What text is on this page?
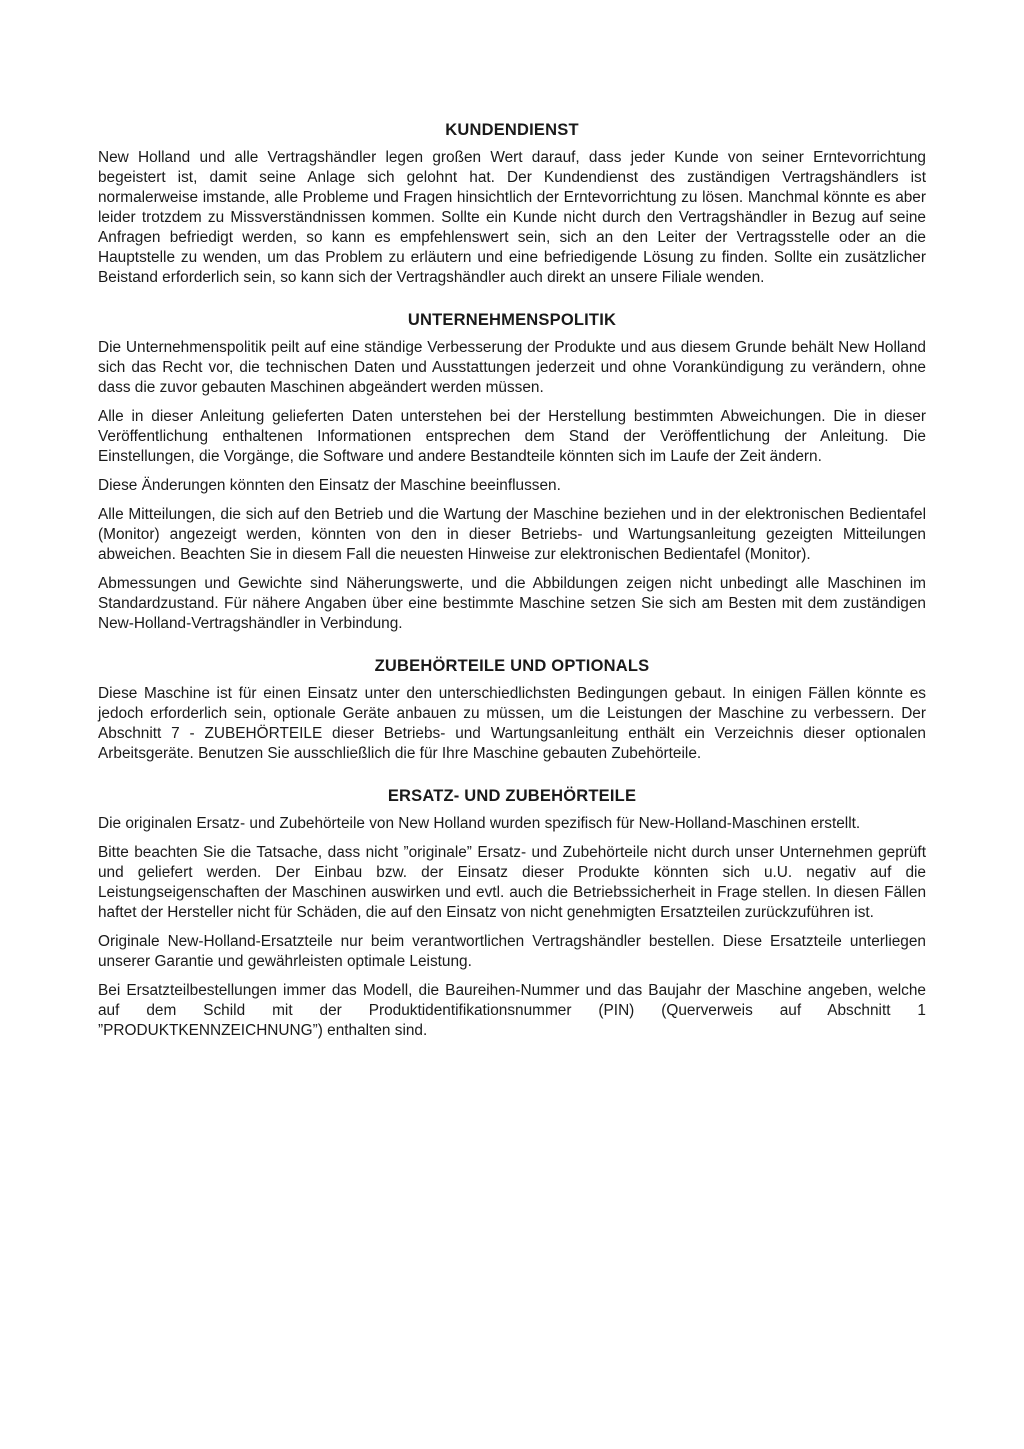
KUNDENDIENST

New Holland und alle Vertragshändler legen großen Wert darauf, dass jeder Kunde von seiner Erntevorrichtung begeistert ist, damit seine Anlage sich gelohnt hat. Der Kundendienst des zuständigen Vertragshändlers ist normalerweise imstande, alle Probleme und Fragen hinsichtlich der Erntevorrichtung zu lösen. Manchmal könnte es aber leider trotzdem zu Missverständnissen kommen. Sollte ein Kunde nicht durch den Vertragshändler in Bezug auf seine Anfragen befriedigt werden, so kann es empfehlenswert sein, sich an den Leiter der Vertragsstelle oder an die Hauptstelle zu wenden, um das Problem zu erläutern und eine befriedigende Lösung zu finden. Sollte ein zusätzlicher Beistand erforderlich sein, so kann sich der Vertragshändler auch direkt an unsere Filiale wenden.

UNTERNEHMENSPOLITIK

Die Unternehmenspolitik peilt auf eine ständige Verbesserung der Produkte und aus diesem Grunde behält New Holland sich das Recht vor, die technischen Daten und Ausstattungen jederzeit und ohne Vorankündigung zu verändern, ohne dass die zuvor gebauten Maschinen abgeändert werden müssen.

Alle in dieser Anleitung gelieferten Daten unterstehen bei der Herstellung bestimmten Abweichungen. Die in dieser Veröffentlichung enthaltenen Informationen entsprechen dem Stand der Veröffentlichung der Anleitung. Die Einstellungen, die Vorgänge, die Software und andere Bestandteile könnten sich im Laufe der Zeit ändern.

Diese Änderungen könnten den Einsatz der Maschine beeinflussen.

Alle Mitteilungen, die sich auf den Betrieb und die Wartung der Maschine beziehen und in der elektronischen Bedientafel (Monitor) angezeigt werden, könnten von den in dieser Betriebs- und Wartungsanleitung gezeigten Mitteilungen abweichen. Beachten Sie in diesem Fall die neuesten Hinweise zur elektronischen Bedientafel (Monitor).

Abmessungen und Gewichte sind Näherungswerte, und die Abbildungen zeigen nicht unbedingt alle Maschinen im Standardzustand. Für nähere Angaben über eine bestimmte Maschine setzen Sie sich am Besten mit dem zuständigen New-Holland-Vertragshändler in Verbindung.

ZUBEHÖRTEILE UND OPTIONALS

Diese Maschine ist für einen Einsatz unter den unterschiedlichsten Bedingungen gebaut. In einigen Fällen könnte es jedoch erforderlich sein, optionale Geräte anbauen zu müssen, um die Leistungen der Maschine zu verbessern. Der Abschnitt 7 - ZUBEHÖRTEILE dieser Betriebs- und Wartungsanleitung enthält ein Verzeichnis dieser optionalen Arbeitsgeräte. Benutzen Sie ausschließlich die für Ihre Maschine gebauten Zubehörteile.

ERSATZ- UND ZUBEHÖRTEILE

Die originalen Ersatz- und Zubehörteile von New Holland wurden spezifisch für New-Holland-Maschinen erstellt.

Bitte beachten Sie die Tatsache, dass nicht ”originale” Ersatz- und Zubehörteile nicht durch unser Unternehmen geprüft und geliefert werden. Der Einbau bzw. der Einsatz dieser Produkte könnten sich u.U. negativ auf die Leistungseigenschaften der Maschinen auswirken und evtl. auch die Betriebssicherheit in Frage stellen. In diesen Fällen haftet der Hersteller nicht für Schäden, die auf den Einsatz von nicht genehmigten Ersatzteilen zurückzuführen ist.

Originale New-Holland-Ersatzteile nur beim verantwortlichen Vertragshändler bestellen. Diese Ersatzteile unterliegen unserer Garantie und gewährleisten optimale Leistung.

Bei Ersatzteilbestellungen immer das Modell, die Baureihen-Nummer und das Baujahr der Maschine angeben, welche auf dem Schild mit der Produktidentifikationsnummer (PIN) (Querverweis auf Abschnitt 1 ”PRODUKTKENNZEICHNUNG”) enthalten sind.
